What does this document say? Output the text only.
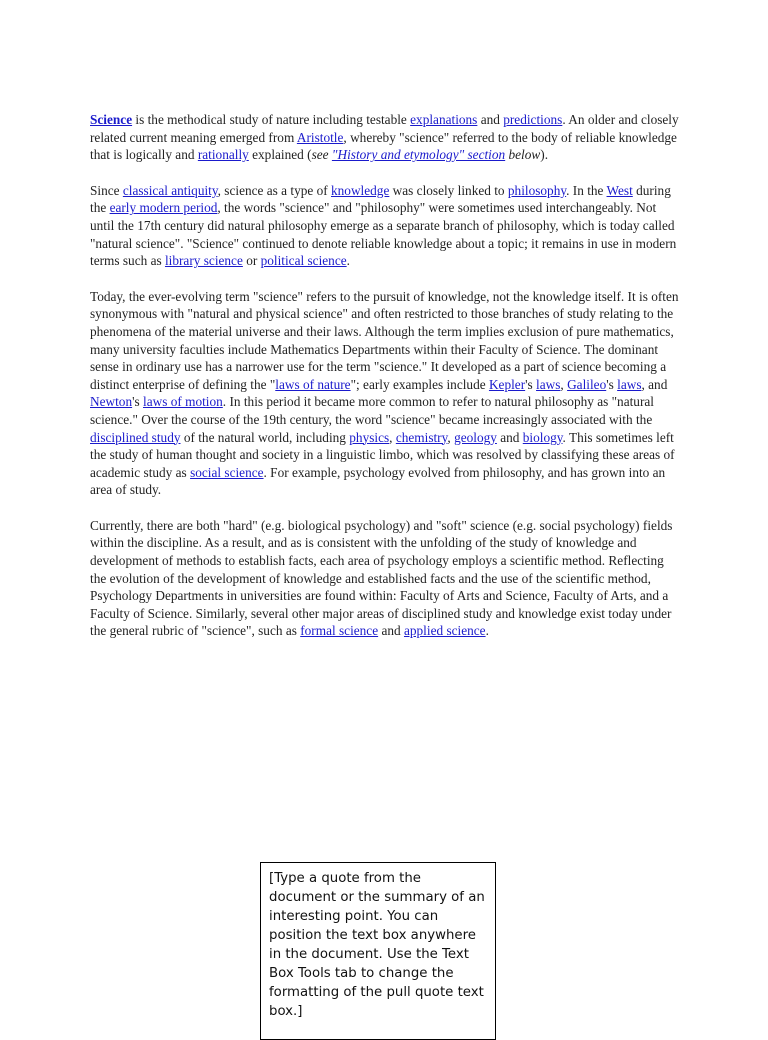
Science is the methodical study of nature including testable explanations and predictions. An older and closely related current meaning emerged from Aristotle, whereby "science" referred to the body of reliable knowledge that is logically and rationally explained (see "History and etymology" section below).

Since classical antiquity, science as a type of knowledge was closely linked to philosophy. In the West during the early modern period, the words "science" and "philosophy" were sometimes used interchangeably. Not until the 17th century did natural philosophy emerge as a separate branch of philosophy, which is today called "natural science". "Science" continued to denote reliable knowledge about a topic; it remains in use in modern terms such as library science or political science.

Today, the ever-evolving term "science" refers to the pursuit of knowledge, not the knowledge itself. It is often synonymous with "natural and physical science" and often restricted to those branches of study relating to the phenomena of the material universe and their laws. Although the term implies exclusion of pure mathematics, many university faculties include Mathematics Departments within their Faculty of Science. The dominant sense in ordinary use has a narrower use for the term "science." It developed as a part of science becoming a distinct enterprise of defining the "laws of nature"; early examples include Kepler's laws, Galileo's laws, and Newton's laws of motion. In this period it became more common to refer to natural philosophy as "natural science." Over the course of the 19th century, the word "science" became increasingly associated with the disciplined study of the natural world, including physics, chemistry, geology and biology. This sometimes left the study of human thought and society in a linguistic limbo, which was resolved by classifying these areas of academic study as social science. For example, psychology evolved from philosophy, and has grown into an area of study.

Currently, there are both "hard" (e.g. biological psychology) and "soft" science (e.g. social psychology) fields within the discipline. As a result, and as is consistent with the unfolding of the study of knowledge and development of methods to establish facts, each area of psychology employs a scientific method. Reflecting the evolution of the development of knowledge and established facts and the use of the scientific method, Psychology Departments in universities are found within: Faculty of Arts and Science, Faculty of Arts, and a Faculty of Science. Similarly, several other major areas of disciplined study and knowledge exist today under the general rubric of "science", such as formal science and applied science.

[Type a quote from the document or the summary of an interesting point. You can position the text box anywhere in the document. Use the Text Box Tools tab to change the formatting of the pull quote text box.]
